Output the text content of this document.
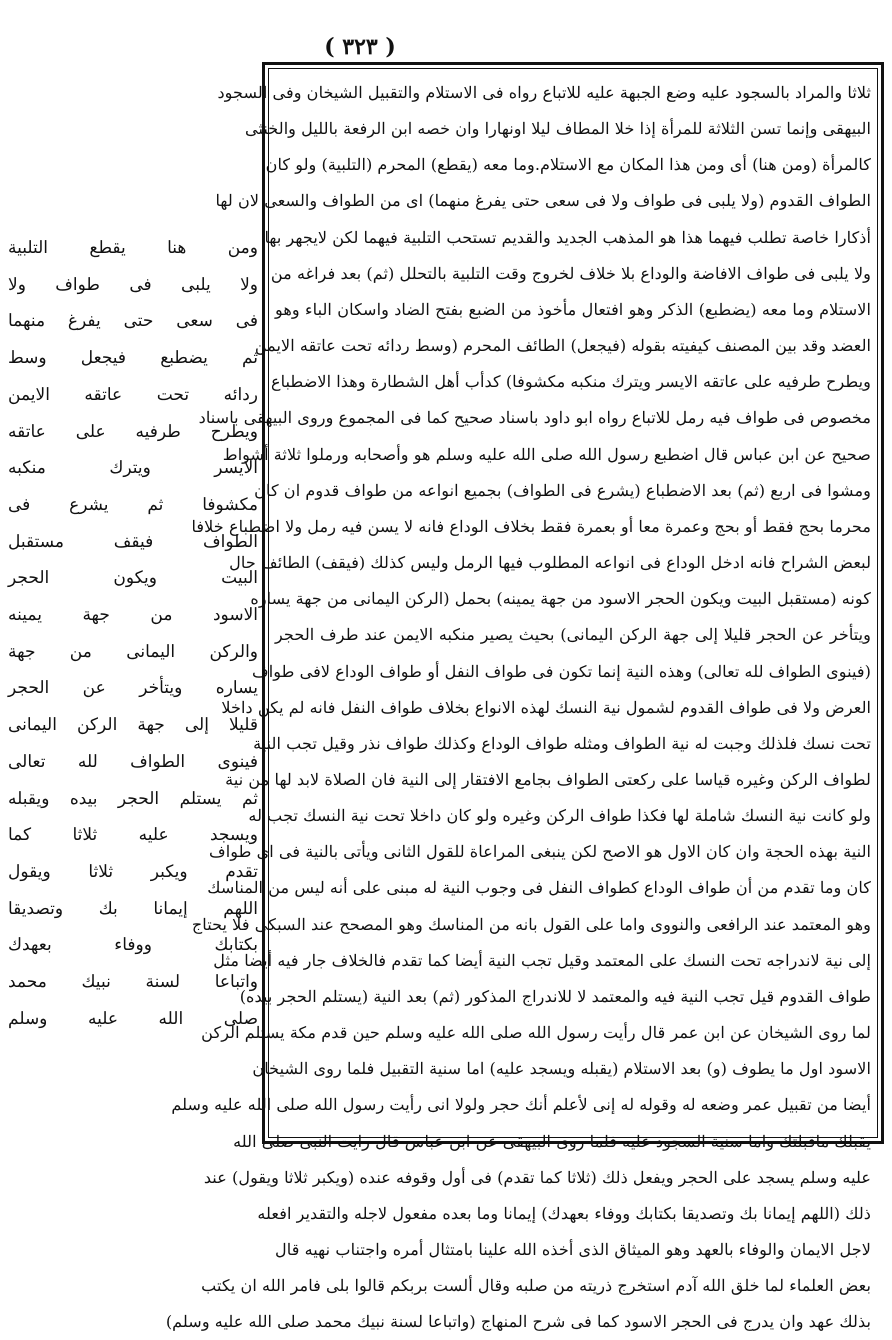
( ٣٢٣ )
ثلاثا والمراد بالسجود عليه وضع الجبهة عليه للاتباع رواه فى الاستلام والتقبيل الشيخان وفى السجود
البيهقى وإنما تسن الثلاثة للمرأة إذا خلا المطاف ليلا اونهارا وان خصه ابن الرفعة بالليل والخنثى
كالمرأة (ومن هنا) أى ومن هذا المكان مع الاستلام.وما معه (يقطع) المحرم (التلبية) ولو كان
الطواف القدوم (ولا يلبى فى طواف ولا فى سعى حتى يفرغ منهما) اى من الطواف والسعى لان لها
أذكارا خاصة تطلب فيهما هذا هو المذهب الجديد والقديم تستحب التلبية فيهما لكن لايجهر بها
ولا يلبى فى طواف الافاضة والوداع بلا خلاف لخروج وقت التلبية بالتحلل (ثم) بعد فراغه من
الاستلام وما معه (يضطبع) الذكر وهو افتعال مأخوذ من الضبع بفتح الضاد واسكان الباء وهو
العضد وقد بين المصنف كيفيته بقوله (فيجعل) الطائف المحرم (وسط ردائه تحت عاتقه الايمن
ويطرح طرفيه على عاتقه الايسر ويترك منكبه مكشوفا) كدأب أهل الشطارة وهذا الاضطباع
مخصوص فى طواف فيه رمل للاتباع رواه ابو داود باسناد صحيح كما فى المجموع وروى البيهقى باسناد
صحيح عن ابن عباس قال اضطبع رسول الله صلى الله عليه وسلم هو وأصحابه ورملوا ثلاثة أشواط
ومشوا فى اربع (ثم) بعد الاضطباع (يشرع فى الطواف) بجميع انواعه من طواف قدوم ان كان
محرما بحج فقط أو بحج وعمرة معا أو بعمرة فقط بخلاف الوداع فانه لا يسن فيه رمل ولا اضطباع خلافا
لبعض الشراح فانه ادخل الوداع فى انواعه المطلوب فيها الرمل وليس كذلك (فيقف) الطائف حال
كونه (مستقبل البيت ويكون الحجر الاسود من جهة يمينه) بحمل (الركن اليمانى من جهة يساره
ويتأخر عن الحجر قليلا إلى جهة الركن اليمانى) بحيث يصير منكبه الايمن عند طرف الحجر
(فينوى الطواف لله تعالى) وهذه النية إنما تكون فى طواف النفل أو طواف الوداع لافى طواف
العرض ولا فى طواف القدوم لشمول نية النسك لهذه الانواع بخلاف طواف النفل فانه لم يكن داخلا
تحت نسك فلذلك وجبت له نية الطواف ومثله طواف الوداع وكذلك طواف نذر وقيل تجب النية
لطواف الركن وغيره قياسا على ركعتى الطواف بجامع الافتقار إلى النية فان الصلاة لابد لها من نية
ولو كانت نية النسك شاملة لها فكذا طواف الركن وغيره ولو كان داخلا تحت نية النسك تجب له
النية بهذه الحجة وان كان الاول هو الاصح لكن ينبغى المراعاة للقول الثانى ويأتى بالنية فى اى طواف
كان وما تقدم من أن طواف الوداع كطواف النفل فى وجوب النية له مبنى على أنه ليس من المناسك
وهو المعتمد عند الرافعى والنووى واما على القول بانه من المناسك وهو المصحح عند السبكى فلا يحتاج
إلى نية لاندراجه تحت النسك على المعتمد وقيل تجب النية أيضا كما تقدم فالخلاف جار فيه أيضا مثل
طواف القدوم قيل تجب النية فيه والمعتمد لا للاندراج المذكور (ثم) بعد النية (يستلم الحجر بيده)
لما روى الشيخان عن ابن عمر قال رأيت رسول الله صلى الله عليه وسلم حين قدم مكة يستلم الركن
الاسود اول ما يطوف (و) بعد الاستلام (يقبله ويسجد عليه) اما سنية التقبيل فلما روى الشيخان
أيضا من تقبيل عمر وضعه له وقوله له إنى لأعلم أنك حجر ولولا انى رأيت رسول الله صلى الله عليه وسلم
يقبلك ماقبلتك واما سنية السجود عليه فلما روى البيهقى عن ابن عباس قال رايت النبى صلى الله
عليه وسلم يسجد على الحجر ويفعل ذلك (ثلاثا كما تقدم) فى أول وقوفه عنده (ويكبر ثلاثا ويقول) عند
ذلك (اللهم إيمانا بك وتصديقا بكتابك ووفاء بعهدك) إيمانا وما بعده مفعول لاجله والتقدير افعله
لاجل الايمان والوفاء بالعهد وهو الميثاق الذى أخذه الله علينا بامتثال أمره واجتناب نهيه قال
بعض العلماء لما خلق الله آدم استخرج ذريته من صلبه وقال ألست بربكم قالوا بلى فامر الله ان يكتب
بذلك عهد وان يدرج فى الحجر الاسود كما فى شرح المنهاج (واتباعا لسنة نبيك محمد صلى الله عليه وسلم)
ومن هنا يقطع التلبية
ولا يلبى فى طواف ولا
فى سعى حتى يفرغ منهما
ثم يضطبع فيجعل وسط
ردائه تحت عاتقه الايمن
ويطرح طرفيه على عاتقه
الايسر ويترك منكبه
مكشوفا ثم يشرع فى
الطواف فيقف مستقبل
البيت ويكون الحجر
الاسود من جهة يمينه
والركن اليمانى من جهة
يساره ويتأخر عن الحجر
قليلا إلى جهة الركن اليمانى
فينوى الطواف لله تعالى
ثم يستلم الحجر بيده ويقبله
ويسجد عليه ثلاثا كما
تقدم ويكبر ثلاثا ويقول
اللهم إيمانا بك وتصديقا
بكتابك ووفاء بعهدك
واتباعا لسنة نبيك محمد
صلى الله عليه وسلم
